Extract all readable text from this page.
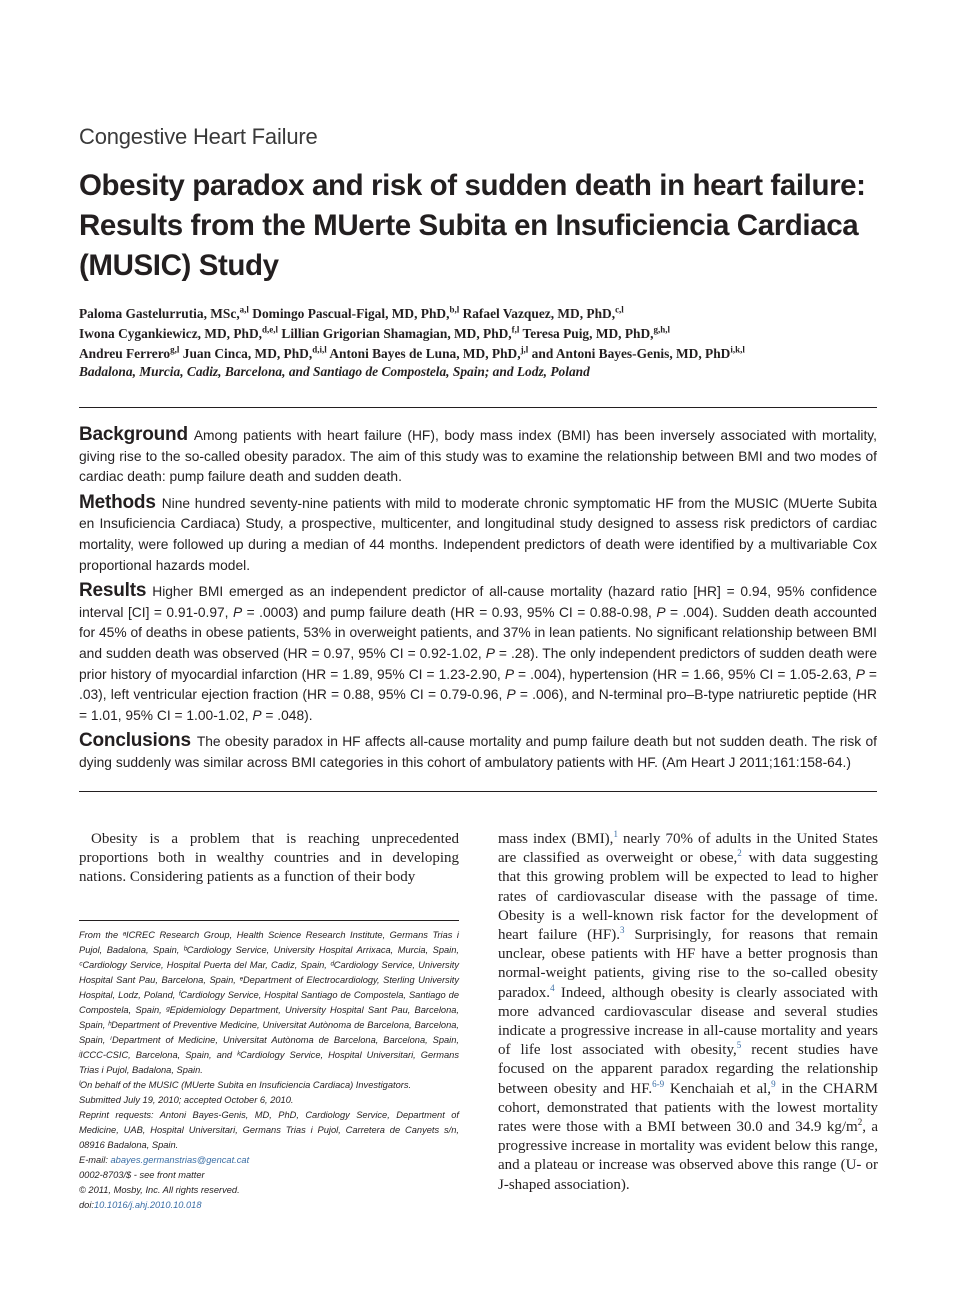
Congestive Heart Failure
Obesity paradox and risk of sudden death in heart failure: Results from the MUerte Subita en Insuficiencia Cardiaca (MUSIC) Study

Paloma Gastelurrutia, MSc,$^{a,l}$ Domingo Pascual-Figal, MD, PhD,$^{b,l}$ Rafael Vazquez, MD, PhD,$^{c,l}$
Iwona Cygankiewicz, MD, PhD,$^{d,e,l}$ Lillian Grigorian Shamagian, MD, PhD,$^{f,l}$ Teresa Puig, MD, PhD,$^{g,h,l}$
Andreu Ferrero$^{g,l}$ Juan Cinca, MD, PhD,$^{d,i,l}$ Antoni Bayes de Luna, MD, PhD,$^{j,l}$ and Antoni Bayes-Genis, MD, PhD$^{i,k,l}$

Badalona, Murcia, Cadiz, Barcelona, and Santiago de Compostela, Spain; and Lodz, Poland

Background Among patients with heart failure (HF), body mass index (BMI) has been inversely associated with mortality, giving rise to the so-called obesity paradox. The aim of this study was to examine the relationship between BMI and two modes of cardiac death: pump failure death and sudden death.

Methods Nine hundred seventy-nine patients with mild to moderate chronic symptomatic HF from the MUSIC (MUerte Subita en Insuficiencia Cardiaca) Study, a prospective, multicenter, and longitudinal study designed to assess risk predictors of cardiac mortality, were followed up during a median of 44 months. Independent predictors of death were identified by a multivariable Cox proportional hazards model.

Results Higher BMI emerged as an independent predictor of all-cause mortality (hazard ratio [HR] = 0.94, 95% confidence interval [CI] = 0.91-0.97, P = .0003) and pump failure death (HR = 0.93, 95% CI = 0.88-0.98, P = .004). Sudden death accounted for 45% of deaths in obese patients, 53% in overweight patients, and 37% in lean patients. No significant relationship between BMI and sudden death was observed (HR = 0.97, 95% CI = 0.92-1.02, P = .28). The only independent predictors of sudden death were prior history of myocardial infarction (HR = 1.89, 95% CI = 1.23-2.90, P = .004), hypertension (HR = 1.66, 95% CI = 1.05-2.63, P = .03), left ventricular ejection fraction (HR = 0.88, 95% CI = 0.79-0.96, P = .006), and N-terminal pro–B-type natriuretic peptide (HR = 1.01, 95% CI = 1.00-1.02, P = .048).

Conclusions The obesity paradox in HF affects all-cause mortality and pump failure death but not sudden death. The risk of dying suddenly was similar across BMI categories in this cohort of ambulatory patients with HF. (Am Heart J 2011;161:158-64.)

Obesity is a problem that is reaching unprecedented proportions both in wealthy countries and in developing nations. Considering patients as a function of their body

From the ᵃICREC Research Group, Health Science Research Institute, Germans Trias i Pujol, Badalona, Spain, ᵇCardiology Service, University Hospital Arrixaca, Murcia, Spain, ᶜCardiology Service, Hospital Puerta del Mar, Cadiz, Spain, ᵈCardiology Service, University Hospital Sant Pau, Barcelona, Spain, ᵉDepartment of Electrocardiology, Sterling University Hospital, Lodz, Poland, ᶠCardiology Service, Hospital Santiago de Compostela, Santiago de Compostela, Spain, ᵍEpidemiology Department, University Hospital Sant Pau, Barcelona, Spain, ʰDepartment of Preventive Medicine, Universitat Autònoma de Barcelona, Barcelona, Spain, ⁱDepartment of Medicine, Universitat Autònoma de Barcelona, Barcelona, Spain, ʲICCC-CSIC, Barcelona, Spain, and ᵏCardiology Service, Hospital Universitari, Germans Trias i Pujol, Badalona, Spain.

ˡOn behalf of the MUSIC (MUerte Subita en Insuficiencia Cardiaca) Investigators.

Submitted July 19, 2010; accepted October 6, 2010.

Reprint requests: Antoni Bayes-Genis, MD, PhD, Cardiology Service, Department of Medicine, UAB, Hospital Universitari, Germans Trias i Pujol, Carretera de Canyets s/n, 08916 Badalona, Spain.

E-mail: abayes.germanstrias@gencat.cat

0002-8703/$ - see front matter

© 2011, Mosby, Inc. All rights reserved.

doi:10.1016/j.ahj.2010.10.018

mass index (BMI),$^1$ nearly 70% of adults in the United States are classified as overweight or obese,$^2$ with data suggesting that this growing problem will be expected to lead to higher rates of cardiovascular disease with the passage of time. Obesity is a well-known risk factor for the development of heart failure (HF).$^3$ Surprisingly, for reasons that remain unclear, obese patients with HF have a better prognosis than normal-weight patients, giving rise to the so-called obesity paradox.$^4$ Indeed, although obesity is clearly associated with more advanced cardiovascular disease and several studies indicate a progressive increase in all-cause mortality and years of life lost associated with obesity,$^5$ recent studies have focused on the apparent paradox regarding the relationship between obesity and HF.$^{6-9}$ Kenchaiah et al,$^9$ in the CHARM cohort, demonstrated that patients with the lowest mortality rates were those with a BMI between 30.0 and 34.9 $kg/m^2$, a progressive increase in mortality was evident below this range, and a plateau or increase was observed above this range (U- or J-shaped association).
